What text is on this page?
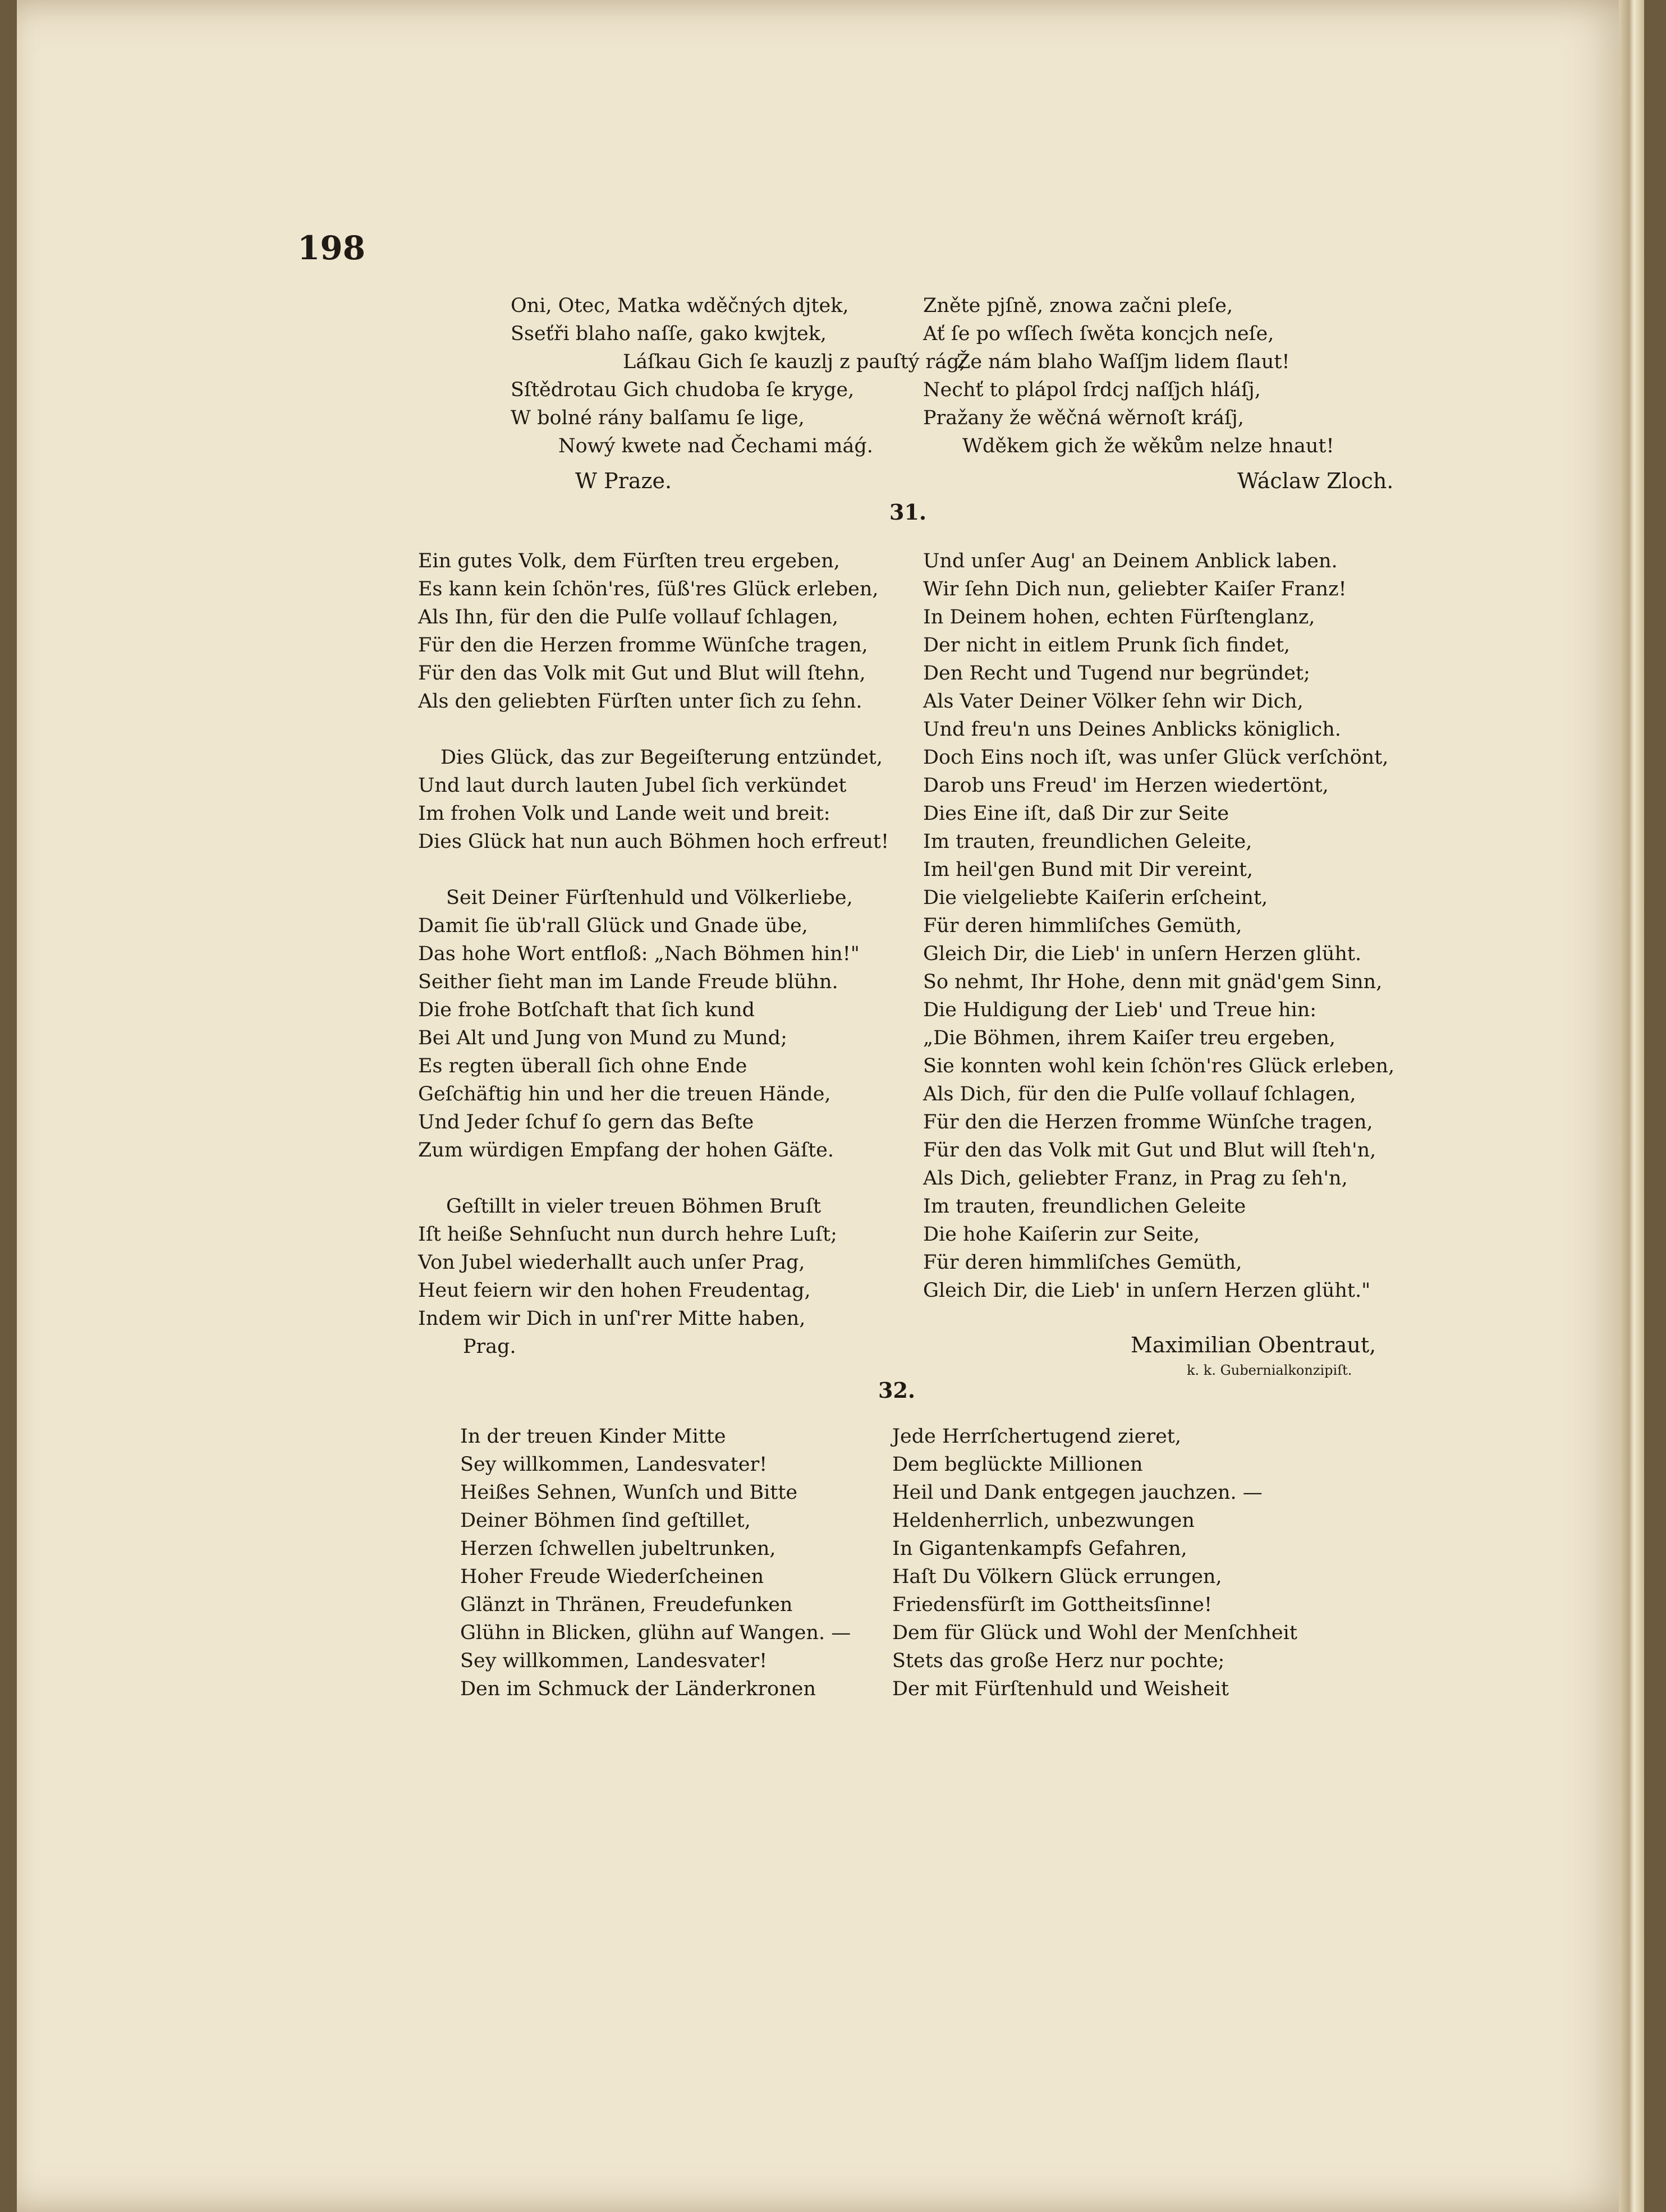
198
Oni, Otec, Matka wděčných djtek,
Sseťři blaho naſſe, gako kwjtek,
Láſkau Gich ſe kauzlj z pauſtý rág;
Sſtědrotau Gich chudoba ſe kryge,
W bolné rány balſamu ſe lige,
Nowý kwete nad Čechami máǵ.
Zněte pjſně, znowa začni pleſe,
Ať ſe po wſſech ſwěta koncjch neſe,
Že nám blaho Waſſjm lidem ſlaut!
Nechť to plápol ſrdcj naſſjch hláſj,
Pražany že wěčná wěrnoſt kráſj,
Wděkem gich že wěkům nelze hnaut!
W Praze.	Wáclaw Zloch.
31.
Ein gutes Volk, dem Fürſten treu ergeben,
Es kann kein ſchön'res, ſüß'res Glück erleben,
Als Ihn, für den die Pulſe vollauf ſchlagen,
Für den die Herzen fromme Wünſche tragen,
Für den das Volk mit Gut und Blut will ſtehn,
Als den geliebten Fürſten unter ſich zu ſehn.
Dies Glück, das zur Begeiſterung entzündet,
Und laut durch lauten Jubel ſich verkündet
Im frohen Volk und Lande weit und breit:
Dies Glück hat nun auch Böhmen hoch erfreut!
Seit Deiner Fürſtenhuld und Völkerliebe,
Damit ſie üb'rall Glück und Gnade übe,
Das hohe Wort entfloß: „Nach Böhmen hin!"
Seither ſieht man im Lande Freude blühn.
Die frohe Botſchaft that ſich kund
Bei Alt und Jung von Mund zu Mund;
Es regten überall ſich ohne Ende
Geſchäftig hin und her die treuen Hände,
Und Jeder ſchuf ſo gern das Beſte
Zum würdigen Empfang der hohen Gäſte.
Geſtillt in vieler treuen Böhmen Bruſt
Iſt heiße Sehnſucht nun durch hehre Luſt;
Von Jubel wiederhallt auch unſer Prag,
Heut feiern wir den hohen Freudentag,
Indem wir Dich in unſ'rer Mitte haben,
Prag.
Und unſer Aug' an Deinem Anblick laben.
Wir ſehn Dich nun, geliebter Kaiſer Franz!
In Deinem hohen, echten Fürſtenglanz,
Der nicht in eitlem Prunk ſich findet,
Den Recht und Tugend nur begründet;
Als Vater Deiner Völker ſehn wir Dich,
Und freu'n uns Deines Anblicks königlich.
Doch Eins noch iſt, was unſer Glück verſchönt,
Darob uns Freud' im Herzen wiedertönt,
Dies Eine iſt, daß Dir zur Seite
Im trauten, freundlichen Geleite,
Im heil'gen Bund mit Dir vereint,
Die vielgeliebte Kaiſerin erſcheint,
Für deren himmliſches Gemüth,
Gleich Dir, die Lieb' in unſern Herzen glüht.
So nehmt, Ihr Hohe, denn mit gnäd'gem Sinn,
Die Huldigung der Lieb' und Treue hin:
„Die Böhmen, ihrem Kaiſer treu ergeben,
Sie konnten wohl kein ſchön'res Glück erleben,
Als Dich, für den die Pulſe vollauf ſchlagen,
Für den die Herzen fromme Wünſche tragen,
Für den das Volk mit Gut und Blut will ſteh'n,
Als Dich, geliebter Franz, in Prag zu ſeh'n,
Im trauten, freundlichen Geleite
Die hohe Kaiſerin zur Seite,
Für deren himmliſches Gemüth,
Gleich Dir, die Lieb' in unſern Herzen glüht."
Maximilian Obentraut,
k. k. Gubernialkonzipiſt.
32.
In der treuen Kinder Mitte
Sey willkommen, Landesvater!
Heißes Sehnen, Wunſch und Bitte
Deiner Böhmen ſind geſtillet,
Herzen ſchwellen jubeltrunken,
Hoher Freude Wiederſcheinen
Glänzt in Thränen, Freudefunken
Glühn in Blicken, glühn auf Wangen. —
Sey willkommen, Landesvater!
Den im Schmuck der Länderkronen
Jede Herrſchertugend zieret,
Dem beglückte Millionen
Heil und Dank entgegen jauchzen. —
Heldenherrlich, unbezwungen
In Gigantenkampfs Gefahren,
Haſt Du Völkern Glück errungen,
Friedensfürſt im Gottheitsſinne!
Dem für Glück und Wohl der Menſchheit
Stets das große Herz nur pochte;
Der mit Fürſtenhuld und Weisheit
